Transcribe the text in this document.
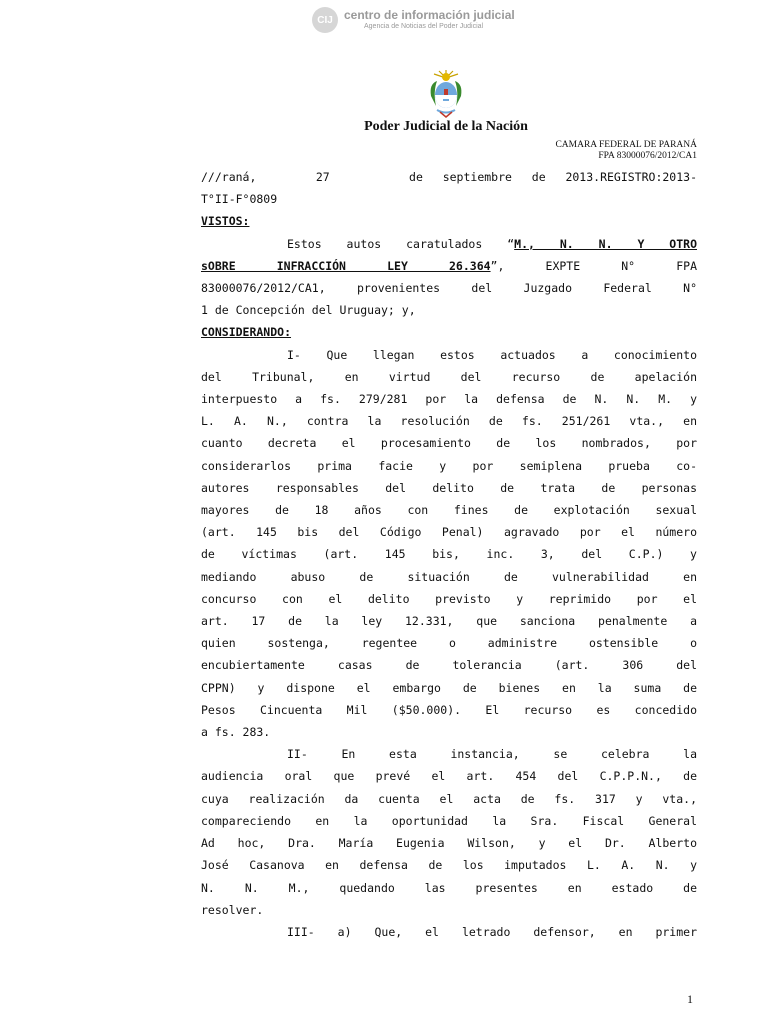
CIJ centro de información judicial
Agencia de Noticias del Poder Judicial
Poder Judicial de la Nación
CAMARA FEDERAL DE PARANÁ
FPA 83000076/2012/CA1

///raná,   27    de septiembre de 2013.REGISTRO:2013-
T°II-F°0809

VISTOS:

Estos autos caratulados “M., N. N. Y OTRO

sOBRE INFRACCIÓN LEY 26.364”, EXPTE N° FPA
83000076/2012/CA1, provenientes del Juzgado Federal N°
1 de Concepción del Uruguay; y,

CONSIDERANDO:

I- Que llegan estos actuados a conocimiento
del Tribunal, en virtud del recurso de apelación
interpuesto a fs. 279/281 por la defensa de N. N. M. y
L. A. N., contra la resolución de fs. 251/261 vta., en
cuanto decreta el procesamiento de los nombrados, por
considerarlos prima facie y por semiplena prueba co-
autores responsables del delito de trata de personas
mayores de 18 años con fines de explotación sexual
(art. 145 bis del Código Penal) agravado por el número
de víctimas (art. 145 bis, inc. 3, del C.P.) y
mediando abuso de situación de vulnerabilidad en
concurso con el delito previsto y reprimido por el
art. 17 de la ley 12.331, que sanciona penalmente a
quien sostenga, regentee o administre ostensible o
encubiertamente casas de tolerancia (art. 306 del
CPPN) y dispone el embargo de bienes en la suma de
Pesos Cincuenta Mil ($50.000). El recurso es concedido
a fs. 283.

II- En esta instancia, se celebra la
audiencia oral que prevé el art. 454 del C.P.P.N., de
cuya realización da cuenta el acta de fs. 317 y vta.,
compareciendo en la oportunidad la Sra. Fiscal General
Ad hoc, Dra. María Eugenia Wilson, y el Dr. Alberto
José Casanova en defensa de los imputados L. A. N. y
N. N. M., quedando las presentes en estado de
resolver.

III- a) Que, el letrado defensor, en primer

1
